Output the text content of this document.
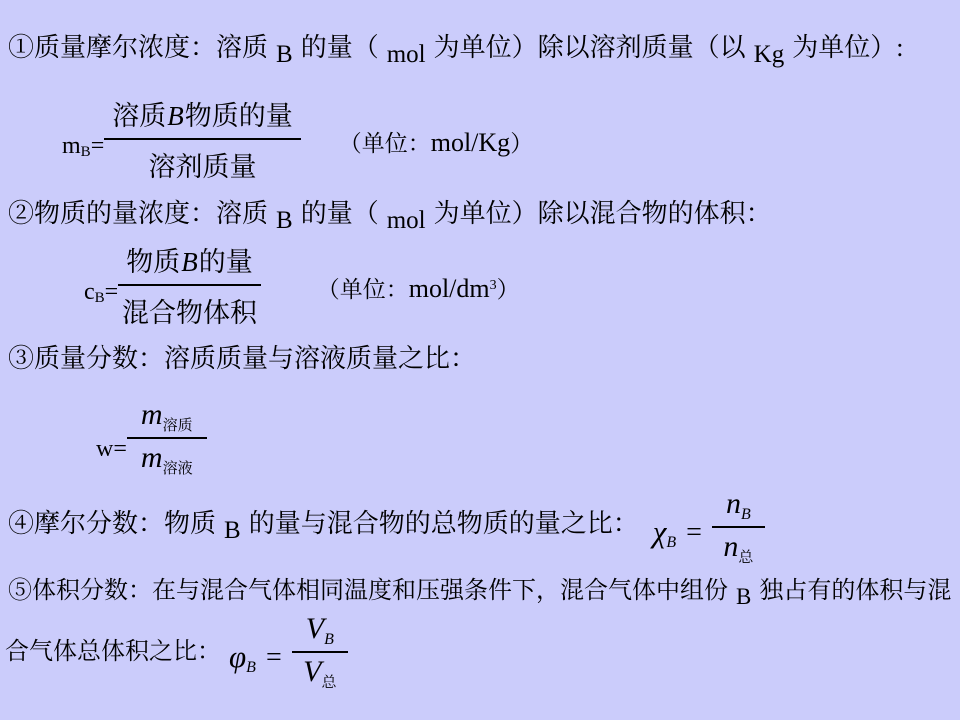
①质量摩尔浓度：溶质 B 的量（ mol 为单位）除以溶剂质量（以 Kg 为单位）:
$m_B= \frac{\text{溶质B物质的量}}{\text{溶剂质量}}$ （单位：mol/Kg）
②物质的量浓度：溶质 B 的量（ mol 为单位）除以混合物的体积：
$c_B= \frac{\text{物质B的量}}{\text{混合物体积}}$ （单位：mol/$dm^3$）
③质量分数：溶质质量与溶液质量之比：
$w= \frac{m_{溶质}}{m_{溶液}}$
④摩尔分数：物质 B 的量与混合物的总物质的量之比： $\chi_B = \frac{n_B}{n_总}$
⑤体积分数：在与混合气体相同温度和压强条件下，混合气体中组份 B 独占有的体积与混
合气体总体积之比： $\varphi_B = \frac{V_B}{V_总}$
